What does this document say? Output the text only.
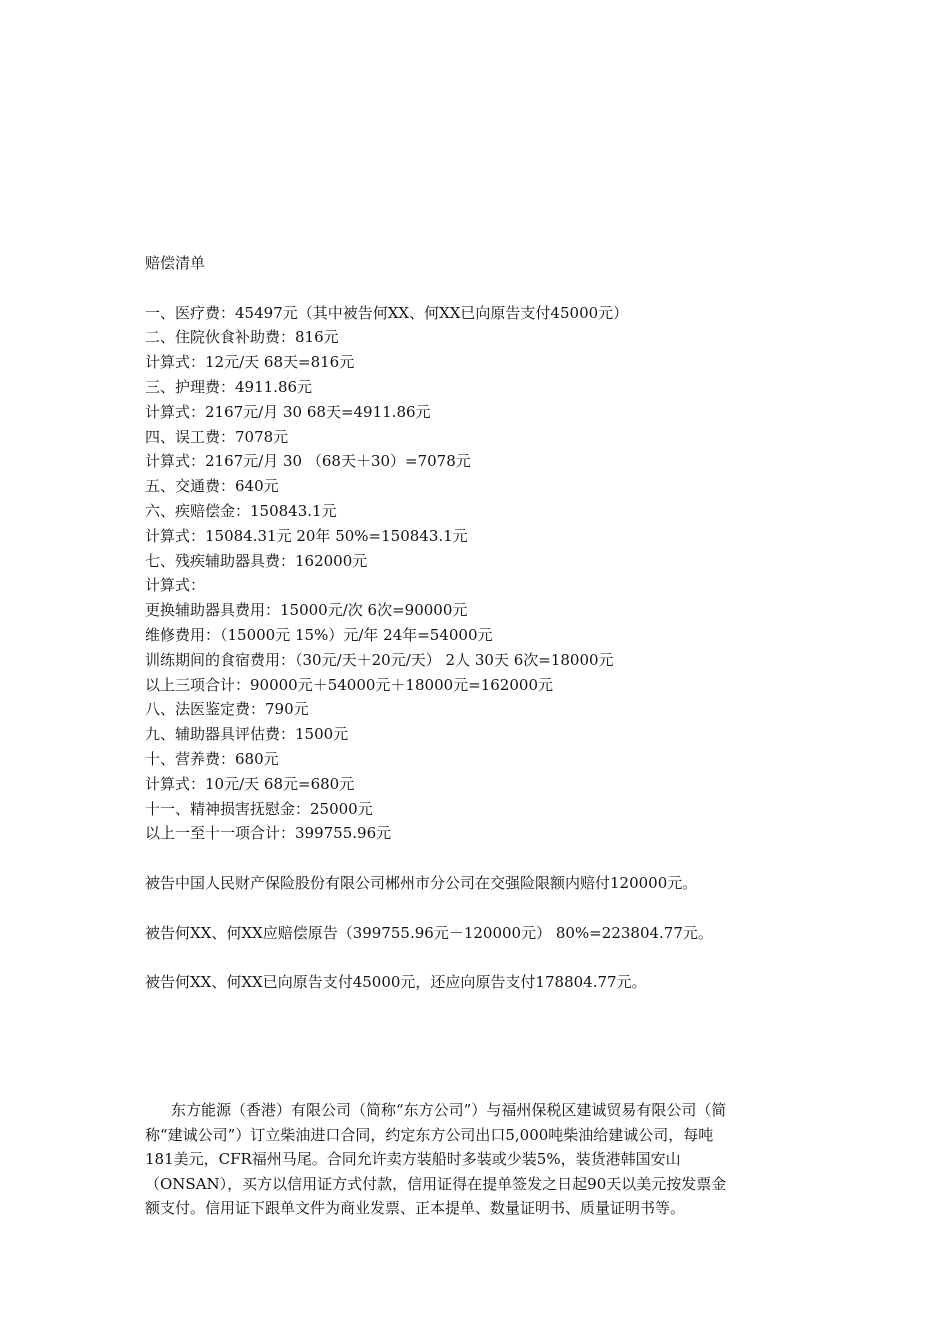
赔偿清单
一、医疗费：45497元（其中被告何XX、何XX已向原告支付45000元）
二、住院伙食补助费：816元
计算式：12元/天 68天=816元
三、护理费：4911.86元
计算式：2167元/月 30 68天=4911.86元
四、误工费：7078元
计算式：2167元/月 30 （68天＋30）=7078元
五、交通费：640元
六、疾赔偿金：150843.1元
计算式：15084.31元 20年 50%=150843.1元
七、残疾辅助器具费：162000元
计算式：
更换辅助器具费用：15000元/次 6次=90000元
维修费用：（15000元 15%）元/年 24年=54000元
训练期间的食宿费用：（30元/天＋20元/天） 2人 30天 6次=18000元
以上三项合计：90000元＋54000元＋18000元=162000元
八、法医鉴定费：790元
九、辅助器具评估费：1500元
十、营养费：680元
计算式：10元/天 68元=680元
十一、精神损害抚慰金：25000元
以上一至十一项合计：399755.96元
被告中国人民财产保险股份有限公司郴州市分公司在交强险限额内赔付120000元。
被告何XX、何XX应赔偿原告（399755.96元－120000元） 80%=223804.77元。
被告何XX、何XX已向原告支付45000元，还应向原告支付178804.77元。
东方能源（香港）有限公司（简称“东方公司”）与福州保税区建诚贸易有限公司（简
称“建诚公司”）订立柴油进口合同，约定东方公司出口5,000吨柴油给建诚公司，每吨
181美元，CFR福州马尾。合同允许卖方装船时多装或少装5%，装货港韩国安山
（ONSAN），买方以信用证方式付款，信用证得在提单签发之日起90天以美元按发票金
额支付。信用证下跟单文件为商业发票、正本提单、数量证明书、质量证明书等。
